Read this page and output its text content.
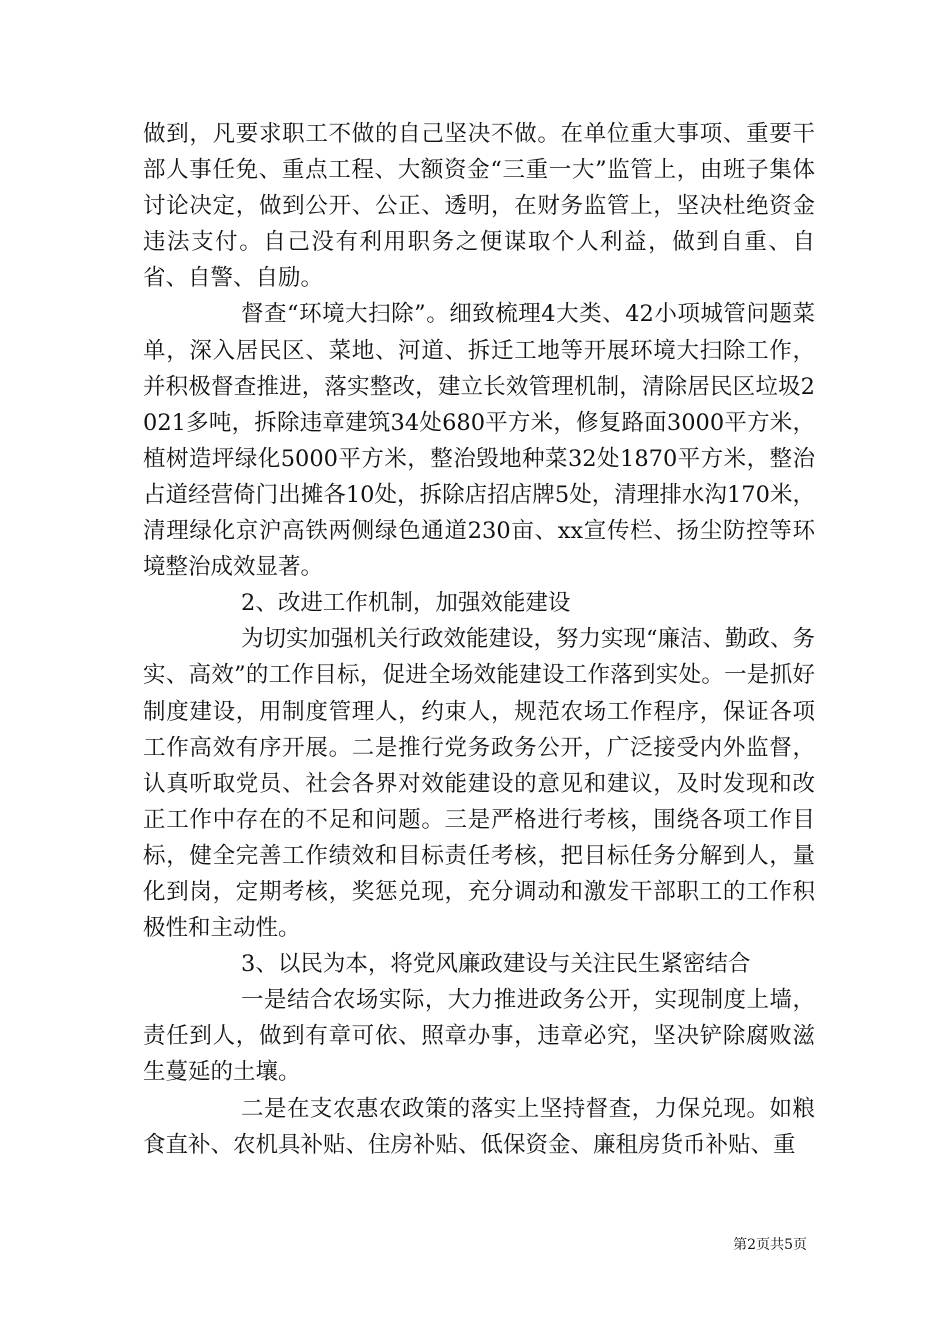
做到，凡要求职工不做的自己坚决不做。在单位重大事项、重要干部人事任免、重点工程、大额资金“三重一大”监管上，由班子集体讨论决定，做到公开、公正、透明，在财务监管上，坚决杜绝资金违法支付。自己没有利用职务之便谋取个人利益，做到自重、自省、自警、自励。

督查“环境大扫除”。细致梳理4大类、42小项城管问题菜单，深入居民区、菜地、河道、拆迁工地等开展环境大扫除工作，并积极督查推进，落实整改，建立长效管理机制，清除居民区垃圾2021多吨，拆除违章建筑34处680平方米，修复路面3000平方米，植树造坪绿化5000平方米，整治毁地种菜32处1870平方米，整治占道经营倚门出摊各10处，拆除店招店牌5处，清理排水沟170米，清理绿化京沪高铁两侧绿色通道230亩、xx宣传栏、扬尘防控等环境整治成效显著。

2、改进工作机制，加强效能建设

为切实加强机关行政效能建设，努力实现“廉洁、勤政、务实、高效”的工作目标，促进全场效能建设工作落到实处。一是抓好制度建设，用制度管理人，约束人，规范农场工作程序，保证各项工作高效有序开展。二是推行党务政务公开，广泛接受内外监督，认真听取党员、社会各界对效能建设的意见和建议，及时发现和改正工作中存在的不足和问题。三是严格进行考核，围绕各项工作目标，健全完善工作绩效和目标责任考核，把目标任务分解到人，量化到岗，定期考核，奖惩兑现，充分调动和激发干部职工的工作积极性和主动性。

3、以民为本，将党风廉政建设与关注民生紧密结合

一是结合农场实际，大力推进政务公开，实现制度上墙，责任到人，做到有章可依、照章办事，违章必究，坚决铲除腐败滋生蔓延的土壤。

二是在支农惠农政策的落实上坚持督查，力保兑现。如粮食直补、农机具补贴、住房补贴、低保资金、廉租房货币补贴、重

第2页共5页
